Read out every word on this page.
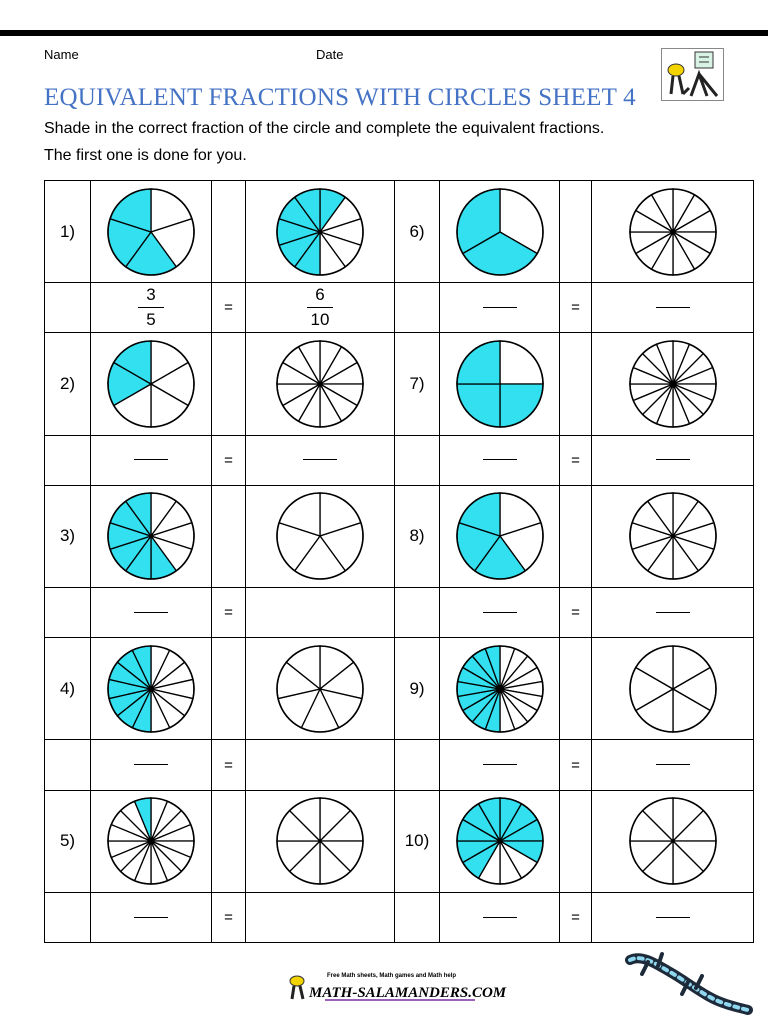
Name	Date
EQUIVALENT FRACTIONS WITH CIRCLES SHEET 4
Shade in the correct fraction of the circle and complete the equivalent fractions.
The first one is done for you.
1)				6)	

	$\frac{3}{5}$	=	$\frac{6}{10}$			=	
2)				7)	

		=				=	
3)				8)	

		=				=	
4)				9)	

		=				=	
5)				10)	

		=				=	
Free Math sheets, Math games and Math help
MATH-SALAMANDERS.COM
